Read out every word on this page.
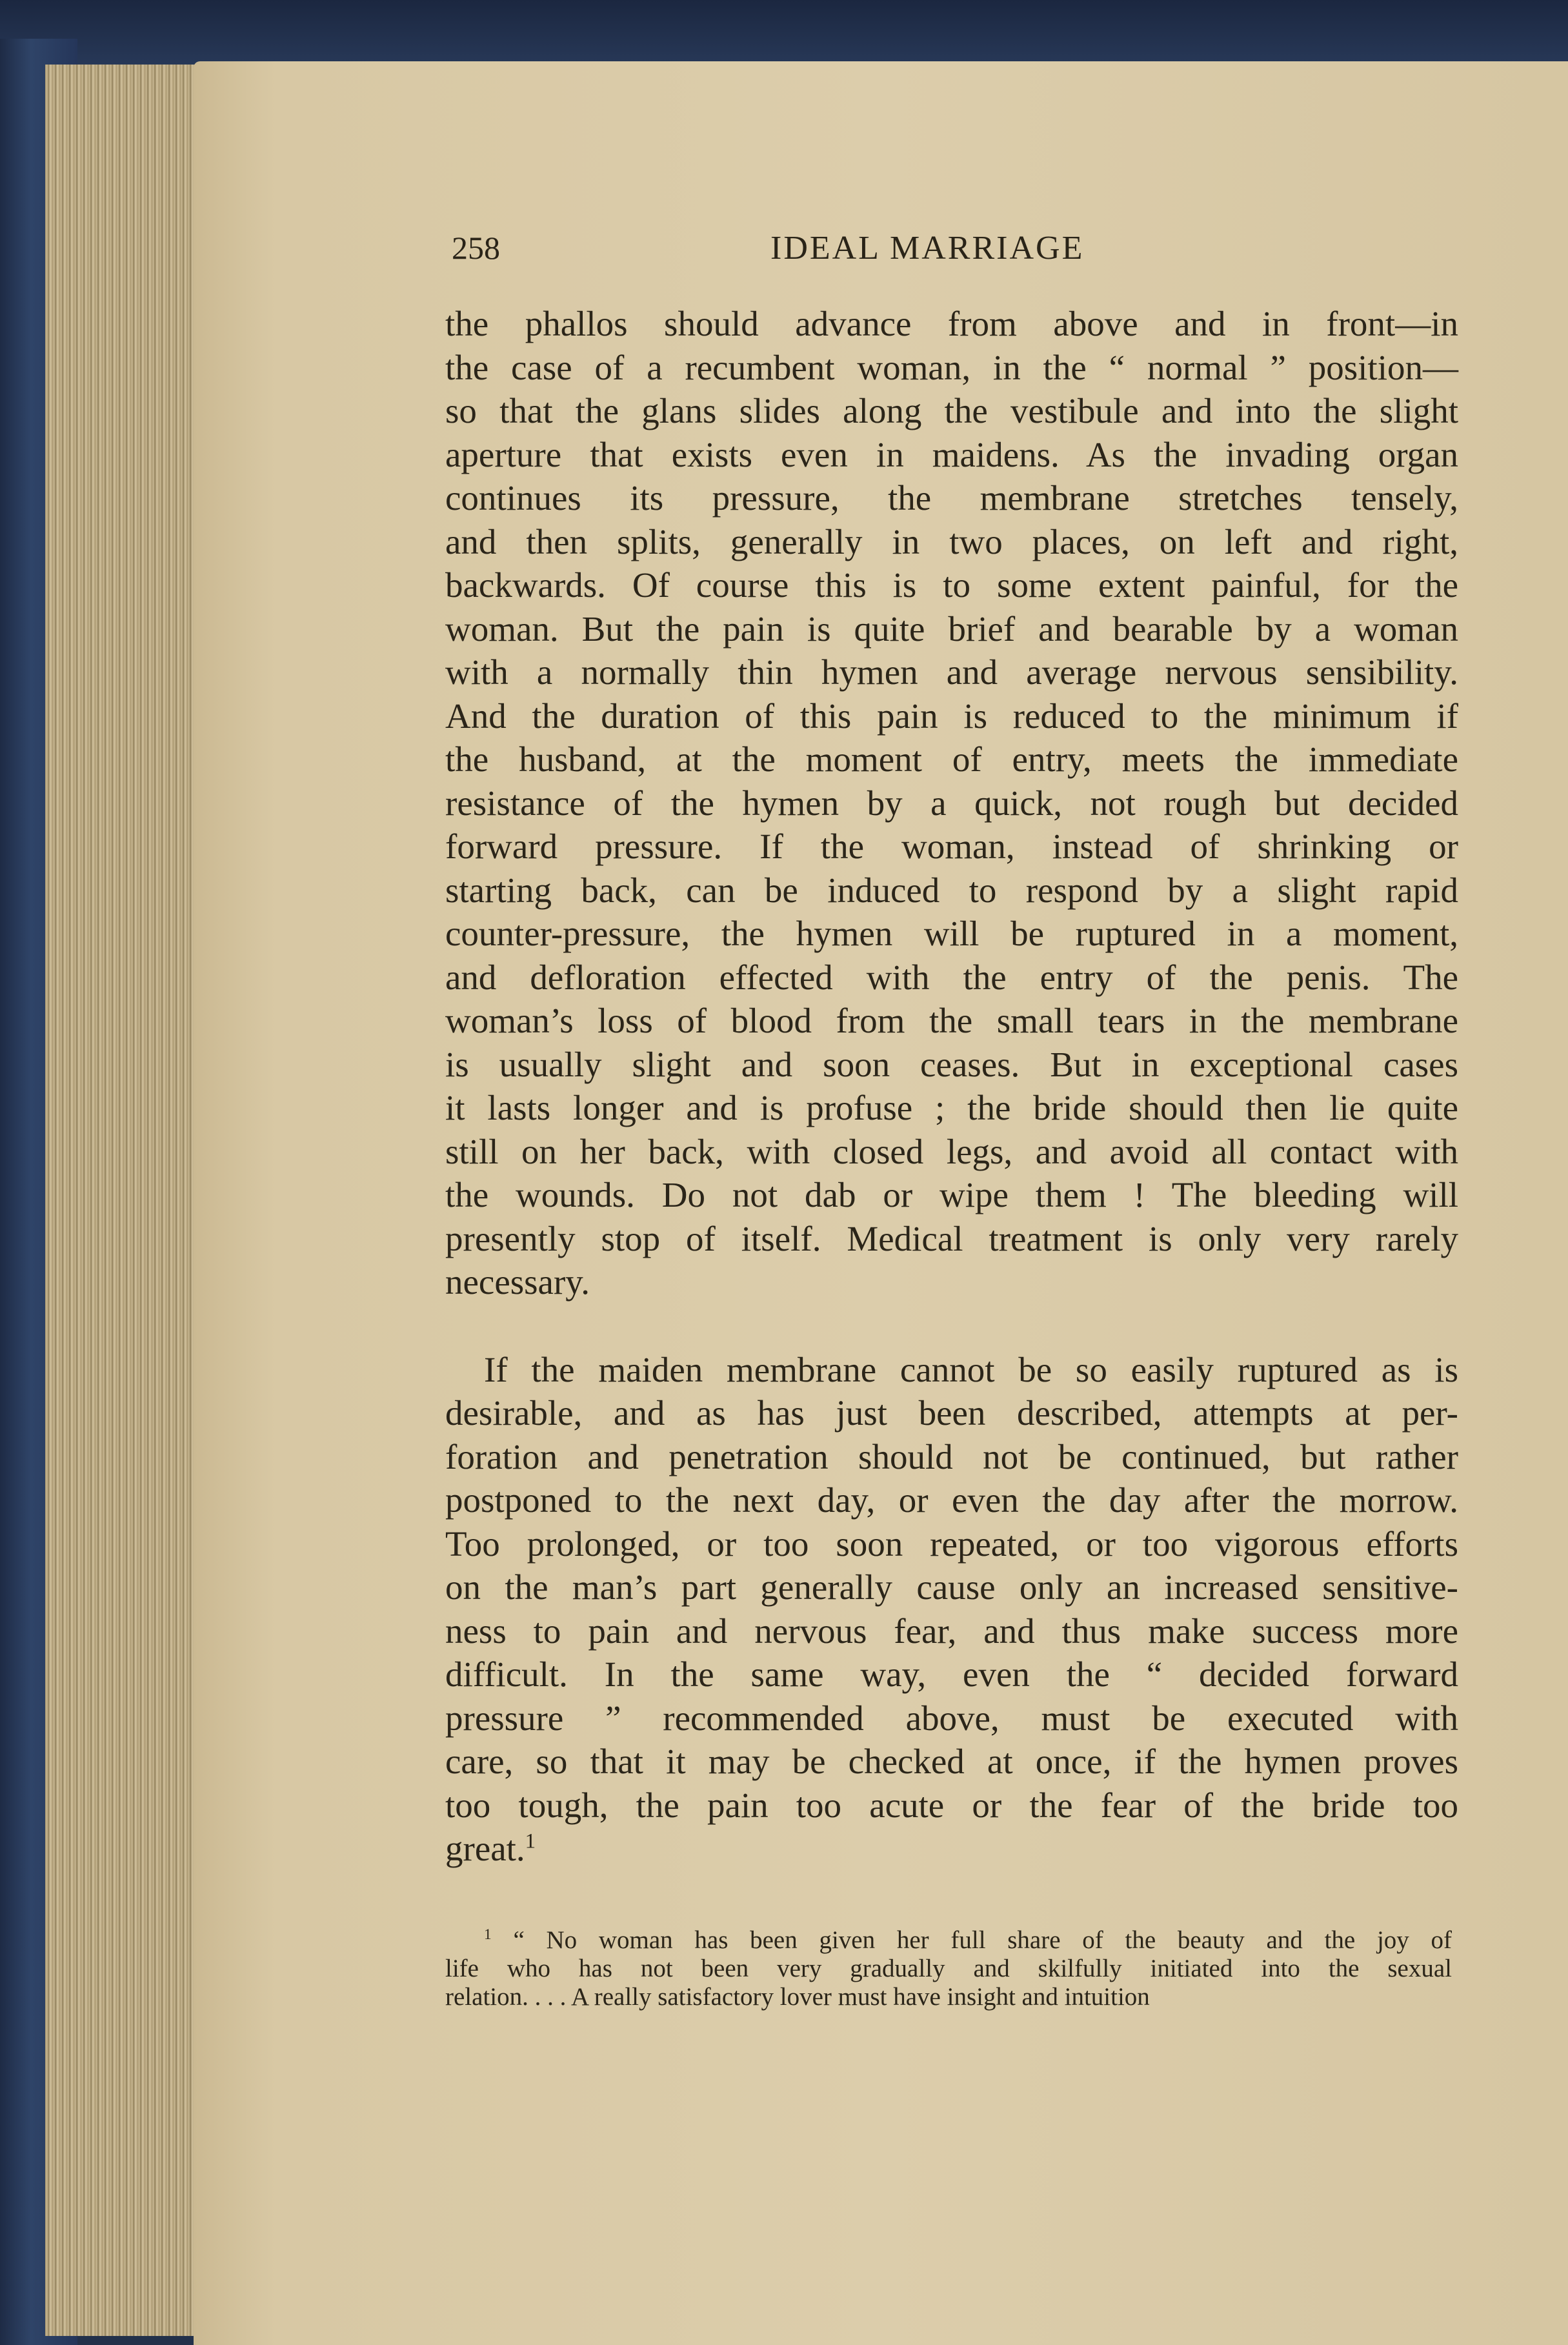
258	IDEAL MARRIAGE
the phallos should advance from above and in front—in
the case of a recumbent woman, in the “ normal ” position—
so that the glans slides along the vestibule and into the slight
aperture that exists even in maidens. As the invading organ
continues its pressure, the membrane stretches tensely,
and then splits, generally in two places, on left and right,
backwards. Of course this is to some extent painful, for the
woman. But the pain is quite brief and bearable by a woman
with a normally thin hymen and average nervous sensibility.
And the duration of this pain is reduced to the minimum if
the husband, at the moment of entry, meets the immediate
resistance of the hymen by a quick, not rough but decided
forward pressure. If the woman, instead of shrinking or
starting back, can be induced to respond by a slight rapid
counter-pressure, the hymen will be ruptured in a moment,
and defloration effected with the entry of the penis. The
woman’s loss of blood from the small tears in the membrane
is usually slight and soon ceases. But in exceptional cases
it lasts longer and is profuse ; the bride should then lie quite
still on her back, with closed legs, and avoid all contact with
the wounds. Do not dab or wipe them ! The bleeding will
presently stop of itself. Medical treatment is only very rarely
necessary.
If the maiden membrane cannot be so easily ruptured as is
desirable, and as has just been described, attempts at per-
foration and penetration should not be continued, but rather
postponed to the next day, or even the day after the morrow.
Too prolonged, or too soon repeated, or too vigorous efforts
on the man’s part generally cause only an increased sensitive-
ness to pain and nervous fear, and thus make success more
difficult. In the same way, even the “ decided forward
pressure ” recommended above, must be executed with
care, so that it may be checked at once, if the hymen proves
too tough, the pain too acute or the fear of the bride too
great.$^1$
$^1$ “ No woman has been given her full share of the beauty and the joy of
life who has not been very gradually and skilfully initiated into the sexual
relation. . . . A really satisfactory lover must have insight and intuition
